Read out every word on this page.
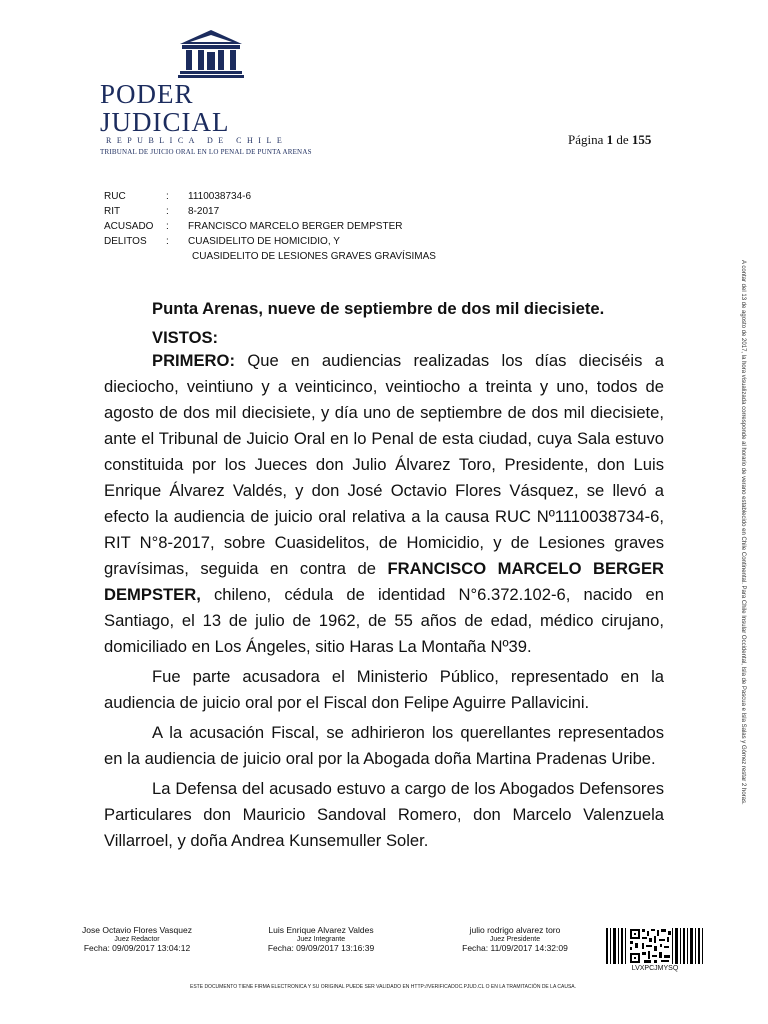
PODER JUDICIAL
REPUBLICA DE CHILE
TRIBUNAL DE JUICIO ORAL EN LO PENAL DE PUNTA ARENAS
Página 1 de 155
RUC	:	1110038734-6
RIT	:	8-2017
ACUSADO	:	FRANCISCO MARCELO BERGER DEMPSTER
DELITOS	:	CUASIDELITO DE HOMICIDIO, Y
CUASIDELITO DE LESIONES GRAVES GRAVÍSIMAS
A contar del 13 de agosto de 2017, la hora visualizada corresponde al horario de verano establecido en Chile Continental. Para Chile Insular Occidental, Isla de Pascua e Isla Salas y Gómez restar 2 horas.

Punta Arenas, nueve de septiembre de dos mil diecisiete.

VISTOS:

PRIMERO: Que en audiencias realizadas los días dieciséis a dieciocho, veintiuno y a veinticinco, veintiocho a treinta y uno, todos de agosto de dos mil diecisiete, y día uno de septiembre de dos mil diecisiete, ante el Tribunal de Juicio Oral en lo Penal de esta ciudad, cuya Sala estuvo constituida por los Jueces don Julio Álvarez Toro, Presidente, don Luis Enrique Álvarez Valdés, y don José Octavio Flores Vásquez, se llevó a efecto la audiencia de juicio oral relativa a la causa RUC Nº1110038734-6, RIT N°8-2017, sobre Cuasidelitos, de Homicidio, y de Lesiones graves gravísimas, seguida en contra de FRANCISCO MARCELO BERGER DEMPSTER, chileno, cédula de identidad N°6.372.102-6, nacido en Santiago, el 13 de julio de 1962, de 55 años de edad, médico cirujano, domiciliado en Los Ángeles, sitio Haras La Montaña Nº39.

Fue parte acusadora el Ministerio Público, representado en la audiencia de juicio oral por el Fiscal don Felipe Aguirre Pallavicini.

A la acusación Fiscal, se adhirieron los querellantes representados en la audiencia de juicio oral por la Abogada doña Martina Pradenas Uribe.

La Defensa del acusado estuvo a cargo de los Abogados Defensores Particulares don Mauricio Sandoval Romero, don Marcelo Valenzuela Villarroel, y doña Andrea Kunsemuller Soler.

Jose Octavio Flores Vasquez
Juez Redactor
Fecha: 09/09/2017 13:04:12
Luis Enrique Alvarez Valdes
Juez Integrante
Fecha: 09/09/2017 13:16:39
julio rodrigo alvarez toro
Juez Presidente
Fecha: 11/09/2017 14:32:09
LVXPCJMYSQ
ESTE DOCUMENTO TIENE FIRMA ELECTRONICA Y SU ORIGINAL PUEDE SER VALIDADO EN HTTP://VERIFICADOC.PJUD.CL O EN LA TRAMITACIÓN DE LA CAUSA.
